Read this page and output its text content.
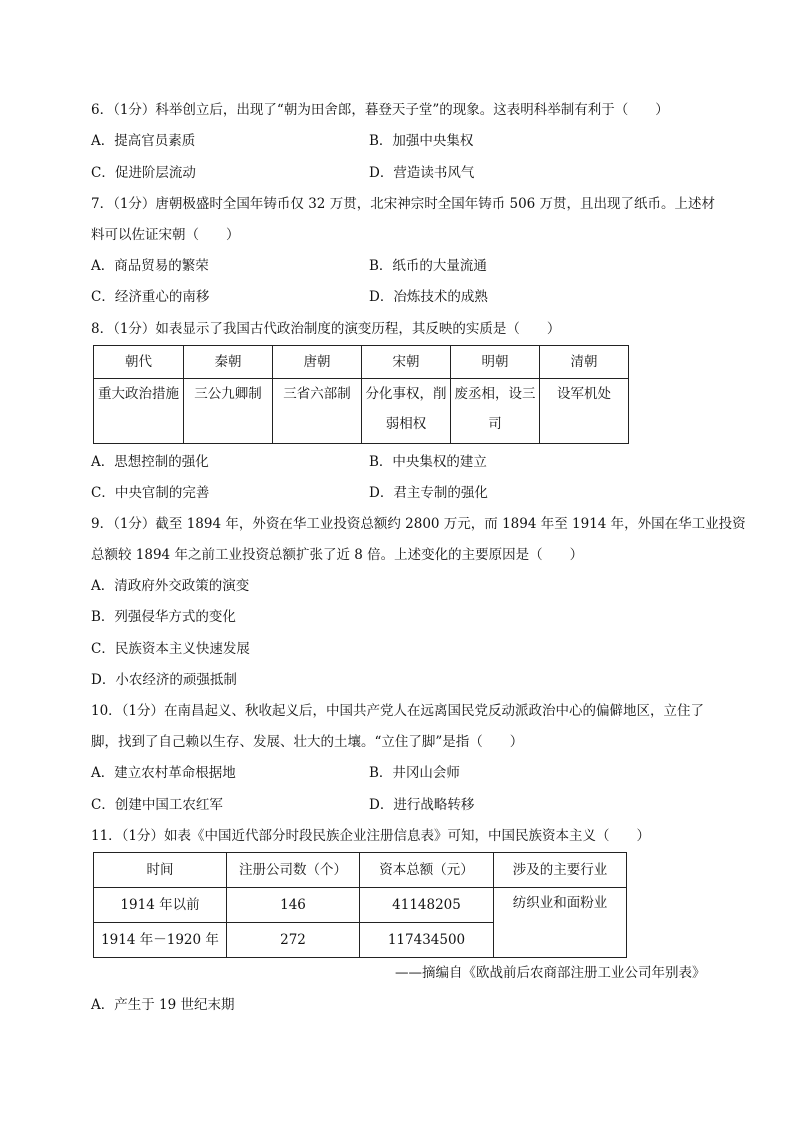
6．（1分）科举创立后，出现了“朝为田舍郎，暮登天子堂”的现象。这表明科举制有利于（　　）
A．提高官员素质	B．加强中央集权
C．促进阶层流动	D．营造读书风气
7．（1分）唐朝极盛时全国年铸币仅 32 万贯，北宋神宗时全国年铸币 506 万贯，且出现了纸币。上述材
料可以佐证宋朝（　　）
A．商品贸易的繁荣	B．纸币的大量流通
C．经济重心的南移	D．冶炼技术的成熟
8．（1分）如表显示了我国古代政治制度的演变历程，其反映的实质是（　　）
朝代	秦朝	唐朝	宋朝	明朝	清朝
重大政治措施	三公九卿制	三省六部制	分化事权，削弱相权	废丞相，设三司	设军机处
A．思想控制的强化	B．中央集权的建立
C．中央官制的完善	D．君主专制的强化
9．（1分）截至 1894 年，外资在华工业投资总额约 2800 万元，而 1894 年至 1914 年，外国在华工业投资
总额较 1894 年之前工业投资总额扩张了近 8 倍。上述变化的主要原因是（　　）
A．清政府外交政策的演变
B．列强侵华方式的变化
C．民族资本主义快速发展
D．小农经济的顽强抵制
10．（1分）在南昌起义、秋收起义后，中国共产党人在远离国民党反动派政治中心的偏僻地区，立住了
脚，找到了自己赖以生存、发展、壮大的土壤。“立住了脚”是指（　　）
A．建立农村革命根据地	B．井冈山会师
C．创建中国工农红军	D．进行战略转移
11．（1分）如表《中国近代部分时段民族企业注册信息表》可知，中国民族资本主义（　　）
时间	注册公司数（个）	资本总额（元）	涉及的主要行业
1914 年以前	146	41148205	纺织业和面粉业
1914 年－1920 年	272	117434500	
——摘编自《欧战前后农商部注册工业公司年别表》
A．产生于 19 世纪末期
